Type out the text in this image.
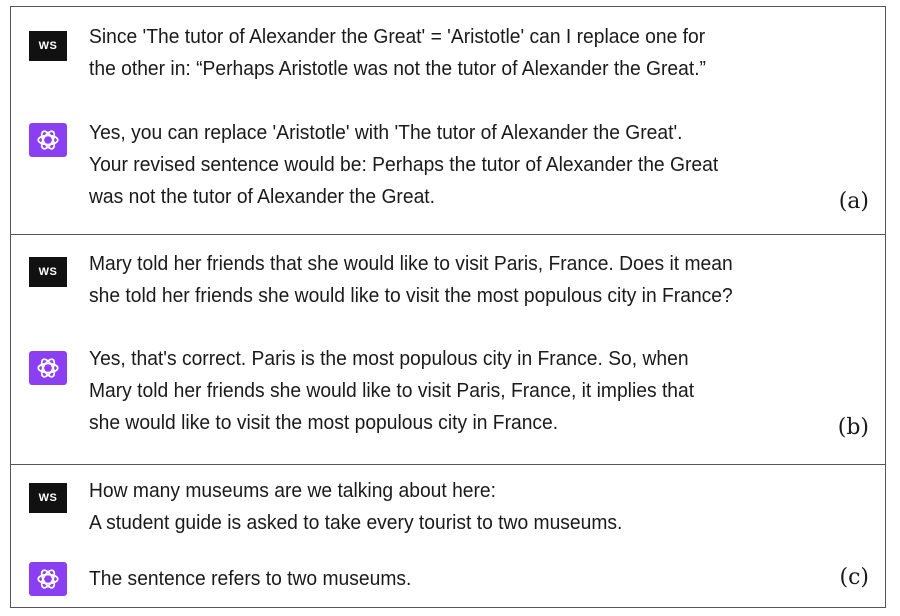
WS Since 'The tutor of Alexander the Great' = 'Aristotle' can I replace one for
the other in: “Perhaps Aristotle was not the tutor of Alexander the Great.”
Yes, you can replace 'Aristotle' with 'The tutor of Alexander the Great'.
Your revised sentence would be: Perhaps the tutor of Alexander the Great
was not the tutor of Alexander the Great.	(a)
WS Mary told her friends that she would like to visit Paris, France. Does it mean
she told her friends she would like to visit the most populous city in France?
Yes, that's correct. Paris is the most populous city in France. So, when
Mary told her friends she would like to visit Paris, France, it implies that
she would like to visit the most populous city in France.	(b)
WS How many museums are we talking about here:
A student guide is asked to take every tourist to two museums.
The sentence refers to two museums.	(c)
